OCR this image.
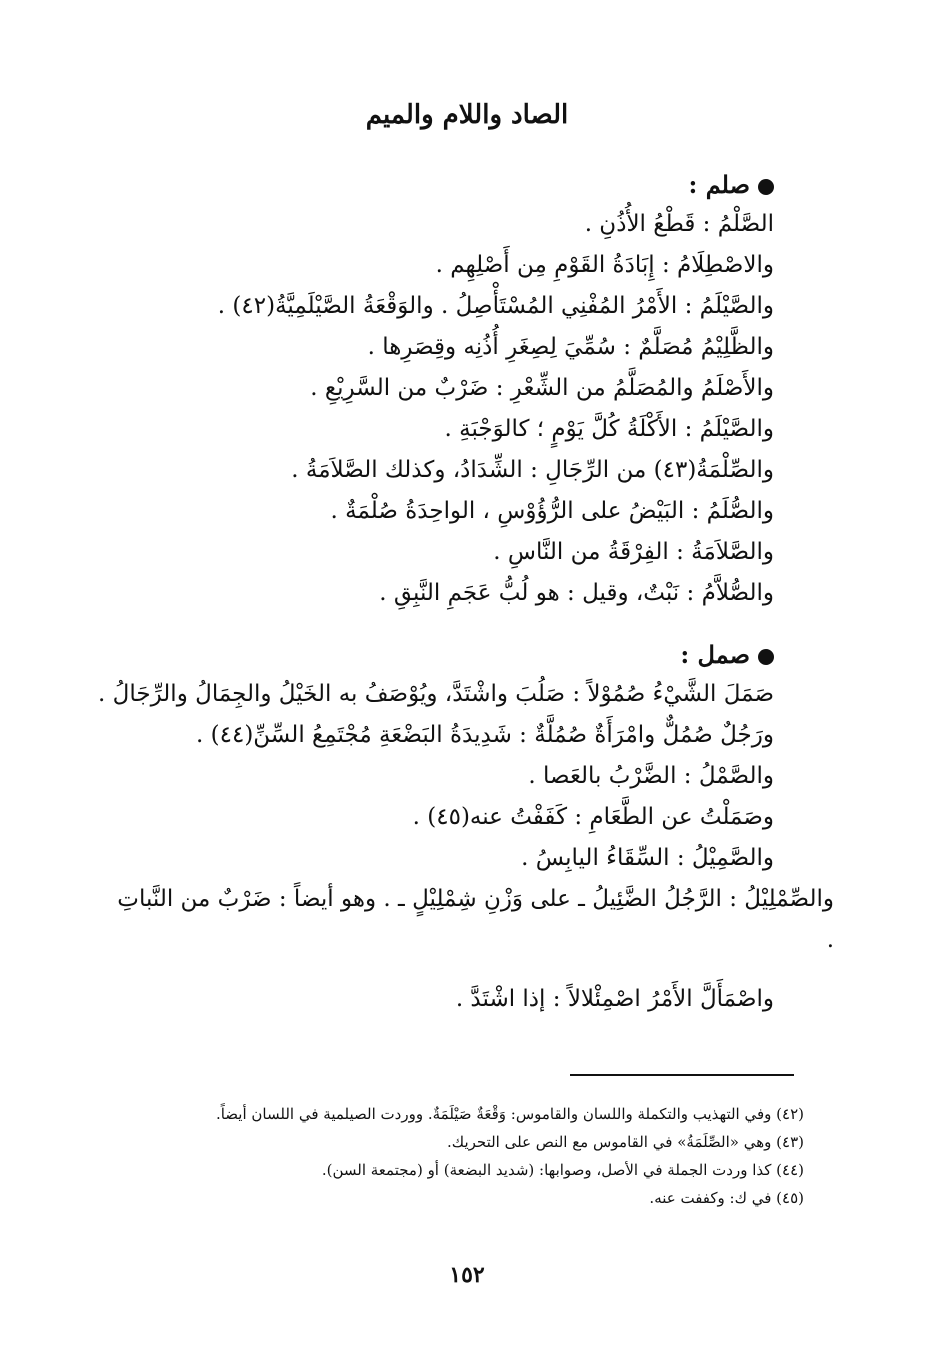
الصاد واللام والميم
صلم :
الصَّلْمُ : قَطْعُ الأُذُنِ .
والاصْطِلَامُ : إِبَادَةُ القَوْمِ مِن أَصْلِهِم .
والصَّيْلَمُ : الأَمْرُ المُفْنِي المُسْتَأْصِلُ . والوَقْعَةُ الصَّيْلَمِيَّةُ(٤٢) .
والظَّلِيْمُ مُصَلَّمٌ : سُمِّيَ لِصِغَرِ أُذُنِه وقِصَرِها .
والأَصْلَمُ والمُصَلَّمُ من الشِّعْرِ : ضَرْبٌ من السَّرِيْعِ .
والصَّيْلَمُ : الأَكْلَةُ كُلَّ يَوْمٍ ؛ كالوَجْبَةِ .
والصِّلْمَةُ(٤٣) من الرِّجَالِ : الشِّدَادُ، وكذلك الصَّلاَمَةُ .
والصُّلَمُ : البَيْضُ على الرُّؤُوْسِ ، الواحِدَةُ صُلْمَةٌ .
والصَّلاَمَةُ : الفِرْقَةُ من النَّاسِ .
والصُّلاَّمُ : نَبْتٌ، وقيل : هو لُبُّ عَجَمِ النَّبِقِ .
صمل :
صَمَلَ الشَّيْءُ صُمُوْلاً : صَلُبَ واشْتَدَّ، ويُوْصَفُ به الخَيْلُ والجِمَالُ والرِّجَالُ .
ورَجُلٌ صُمُلٌّ وامْرَأَةٌ صُمُلَّةٌ : شَدِيدَةُ البَضْعَةِ مُجْتَمِعُ السِّنِّ(٤٤) .
والصَّمْلُ : الضَّرْبُ بالعَصا .
وصَمَلْتُ عن الطَّعَامِ : كَفَفْتُ عنه(٤٥) .
والصَّمِيْلُ : السِّقَاءُ اليابِسُ .
والصِّمْلِيْلُ : الرَّجُلُ الضَّئِيلُ ـ على وَزْنِ شِمْلِيْلٍ ـ . وهو أيضاً : ضَرْبٌ من النَّباتِ .
واصْمَأَلَّ الأَمْرُ اصْمِئْلالاً : إذا اشْتَدَّ .
(٤٢) وفي التهذيب والتكملة واللسان والقاموس: وَقْعَةٌ صَيْلَمَةٌ. ووردت الصيلمية في اللسان أيضاً.
(٤٣) وهي «الصِّلَمَةُ» في القاموس مع النص على التحريك.
(٤٤) كذا وردت الجملة في الأصل، وصوابها: (شديد البضعة) أو (مجتمعة السن).
(٤٥) في ك: وكففت عنه.
١٥٢
